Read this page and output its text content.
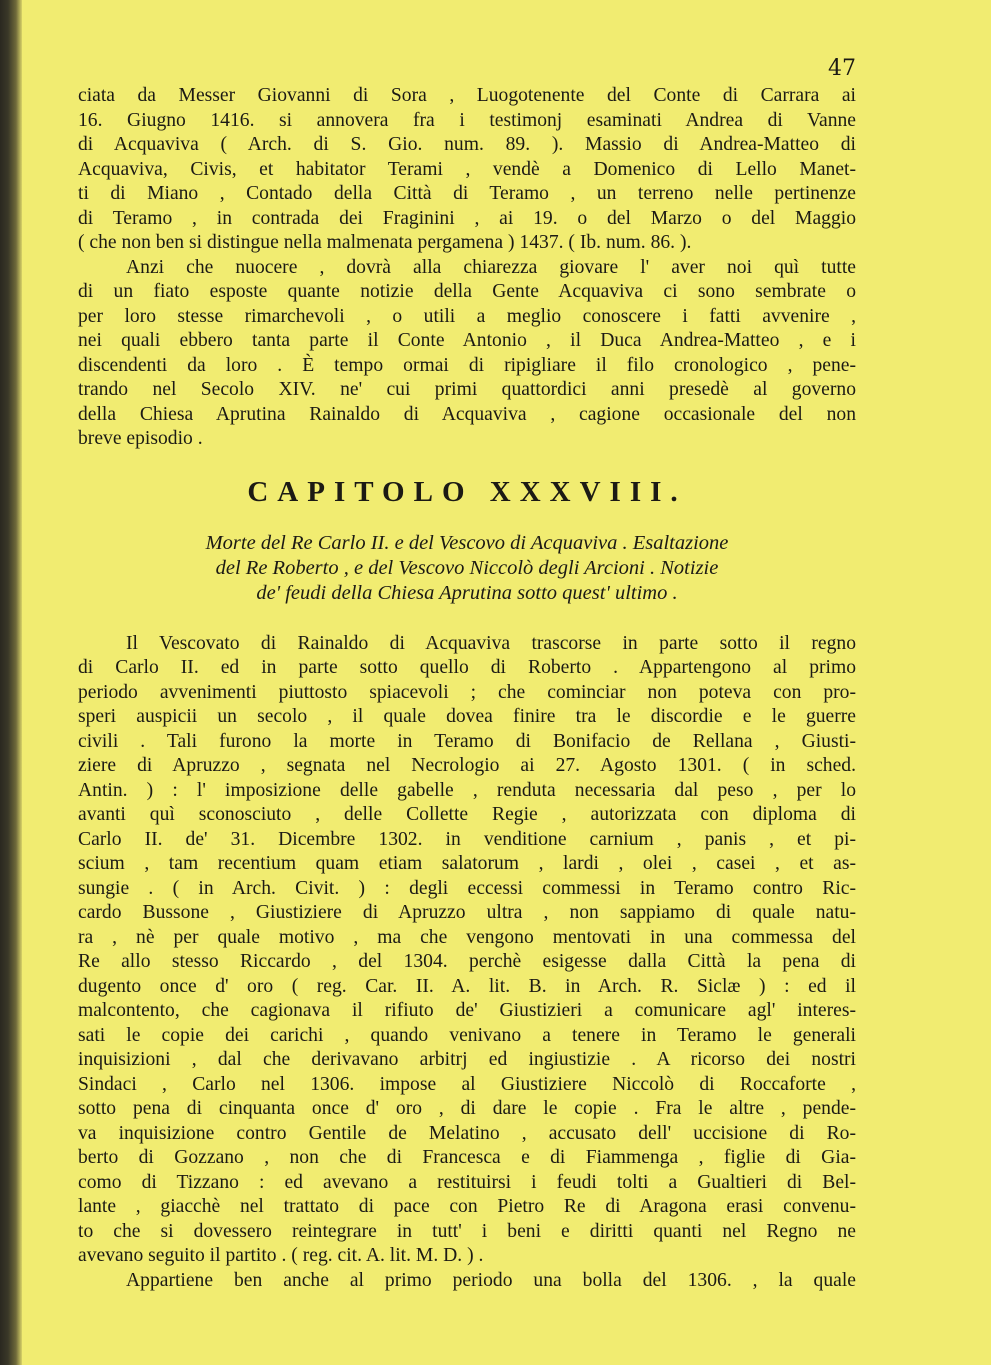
47
ciata da Messer Giovanni di Sora , Luogotenente del Conte di Carrara ai
16. Giugno 1416. si annovera fra i testimonj esaminati Andrea di Vanne
di Acquaviva ( Arch. di S. Gio. num. 89. ). Massio di Andrea-Matteo di
Acquaviva, Civis, et habitator Terami , vendè a Domenico di Lello Manet-
ti di Miano , Contado della Città di Teramo , un terreno nelle pertinenze
di Teramo , in contrada dei Fraginini , ai 19. o del Marzo o del Maggio
( che non ben si distingue nella malmenata pergamena ) 1437. ( Ib. num. 86. ).
Anzi che nuocere , dovrà alla chiarezza giovare l' aver noi quì tutte
di un fiato esposte quante notizie della Gente Acquaviva ci sono sembrate o
per loro stesse rimarchevoli , o utili a meglio conoscere i fatti avvenire ,
nei quali ebbero tanta parte il Conte Antonio , il Duca Andrea-Matteo , e i
discendenti da loro . È tempo ormai di ripigliare il filo cronologico , pene-
trando nel Secolo XIV. ne' cui primi quattordici anni presedè al governo
della Chiesa Aprutina Rainaldo di Acquaviva , cagione occasionale del non
breve episodio .
CAPITOLO XXXVIII.
Morte del Re Carlo II. e del Vescovo di Acquaviva . Esaltazione
del Re Roberto , e del Vescovo Niccolò degli Arcioni . Notizie
de' feudi della Chiesa Aprutina sotto quest' ultimo .
Il Vescovato di Rainaldo di Acquaviva trascorse in parte sotto il regno
di Carlo II. ed in parte sotto quello di Roberto . Appartengono al primo
periodo avvenimenti piuttosto spiacevoli ; che cominciar non poteva con pro-
speri auspicii un secolo , il quale dovea finire tra le discordie e le guerre
civili . Tali furono la morte in Teramo di Bonifacio de Rellana , Giusti-
ziere di Apruzzo , segnata nel Necrologio ai 27. Agosto 1301. ( in sched.
Antin. ) : l' imposizione delle gabelle , renduta necessaria dal peso , per lo
avanti quì sconosciuto , delle Collette Regie , autorizzata con diploma di
Carlo II. de' 31. Dicembre 1302. in venditione carnium , panis , et pi-
scium , tam recentium quam etiam salatorum , lardi , olei , casei , et as-
sungie . ( in Arch. Civit. ) : degli eccessi commessi in Teramo contro Ric-
cardo Bussone , Giustiziere di Apruzzo ultra , non sappiamo di quale natu-
ra , nè per quale motivo , ma che vengono mentovati in una commessa del
Re allo stesso Riccardo , del 1304. perchè esigesse dalla Città la pena di
dugento once d' oro ( reg. Car. II. A. lit. B. in Arch. R. Siclæ ) : ed il
malcontento, che cagionava il rifiuto de' Giustizieri a comunicare agl' interes-
sati le copie dei carichi , quando venivano a tenere in Teramo le generali
inquisizioni , dal che derivavano arbitrj ed ingiustizie . A ricorso dei nostri
Sindaci , Carlo nel 1306. impose al Giustiziere Niccolò di Roccaforte ,
sotto pena di cinquanta once d' oro , di dare le copie . Fra le altre , pende-
va inquisizione contro Gentile de Melatino , accusato dell' uccisione di Ro-
berto di Gozzano , non che di Francesca e di Fiammenga , figlie di Gia-
como di Tizzano : ed avevano a restituirsi i feudi tolti a Gualtieri di Bel-
lante , giacchè nel trattato di pace con Pietro Re di Aragona erasi convenu-
to che si dovessero reintegrare in tutt' i beni e diritti quanti nel Regno ne
avevano seguito il partito . ( reg. cit. A. lit. M. D. ) .
Appartiene ben anche al primo periodo una bolla del 1306. , la quale
